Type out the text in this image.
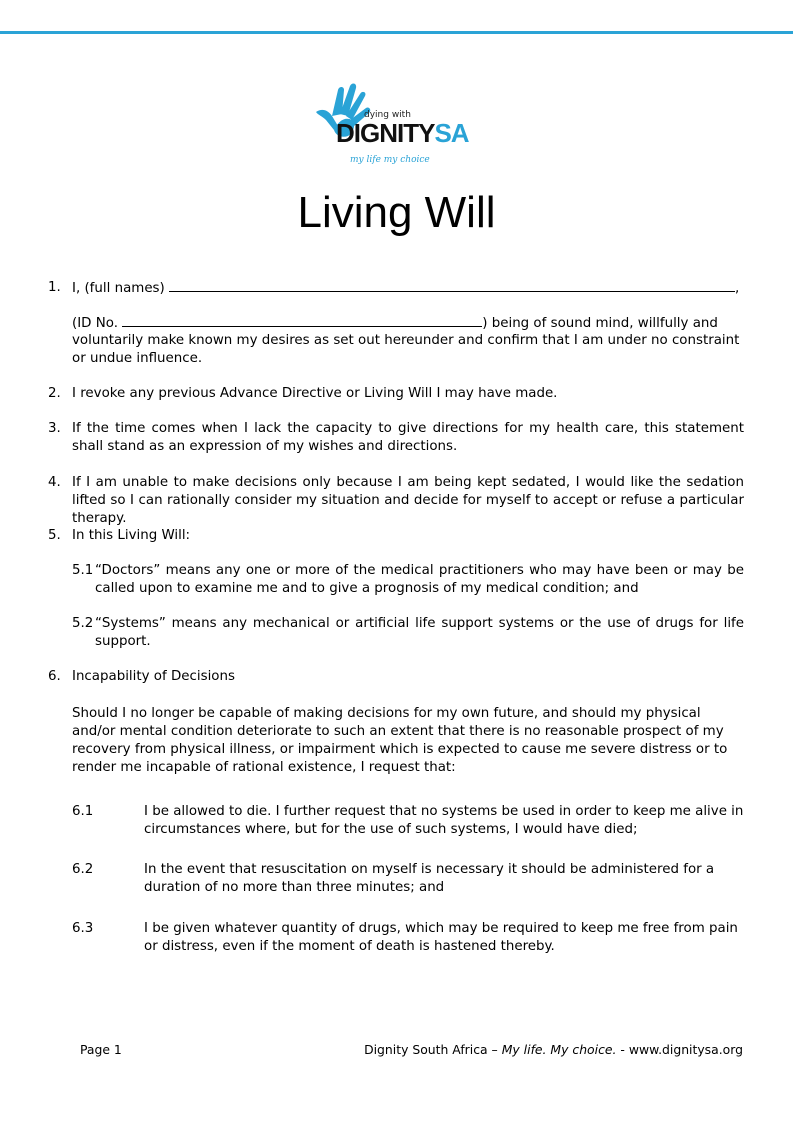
dying with
DIGNITYSA
my life my choice
Living Will
1. I, (full names)	,
(ID No.	) being of sound mind, willfully and
voluntarily make known my desires as set out hereunder and confirm that I am under no constraint or undue influence.
2. I revoke any previous Advance Directive or Living Will I may have made.
3. If the time comes when I lack the capacity to give directions for my health care, this statement shall stand as an expression of my wishes and directions.
4. If I am unable to make decisions only because I am being kept sedated, I would like the sedation lifted so I can rationally consider my situation and decide for myself to accept or refuse a particular therapy.
5. In this Living Will:
5.1 “Doctors” means any one or more of the medical practitioners who may have been or may be called upon to examine me and to give a prognosis of my medical condition; and
5.2 “Systems” means any mechanical or artificial life support systems or the use of drugs for life support.
6. Incapability of Decisions
Should I no longer be capable of making decisions for my own future, and should my physical and/or mental condition deteriorate to such an extent that there is no reasonable prospect of my recovery from physical illness, or impairment which is expected to cause me severe distress or to render me incapable of rational existence, I request that:
6.1	I be allowed to die. I further request that no systems be used in order to keep me alive in circumstances where, but for the use of such systems, I would have died;
6.2	In the event that resuscitation on myself is necessary it should be administered for a duration of no more than three minutes; and
6.3	I be given whatever quantity of drugs, which may be required to keep me free from pain or distress, even if the moment of death is hastened thereby.
Page 1	Dignity South Africa – My life. My choice. - www.dignitysa.org
